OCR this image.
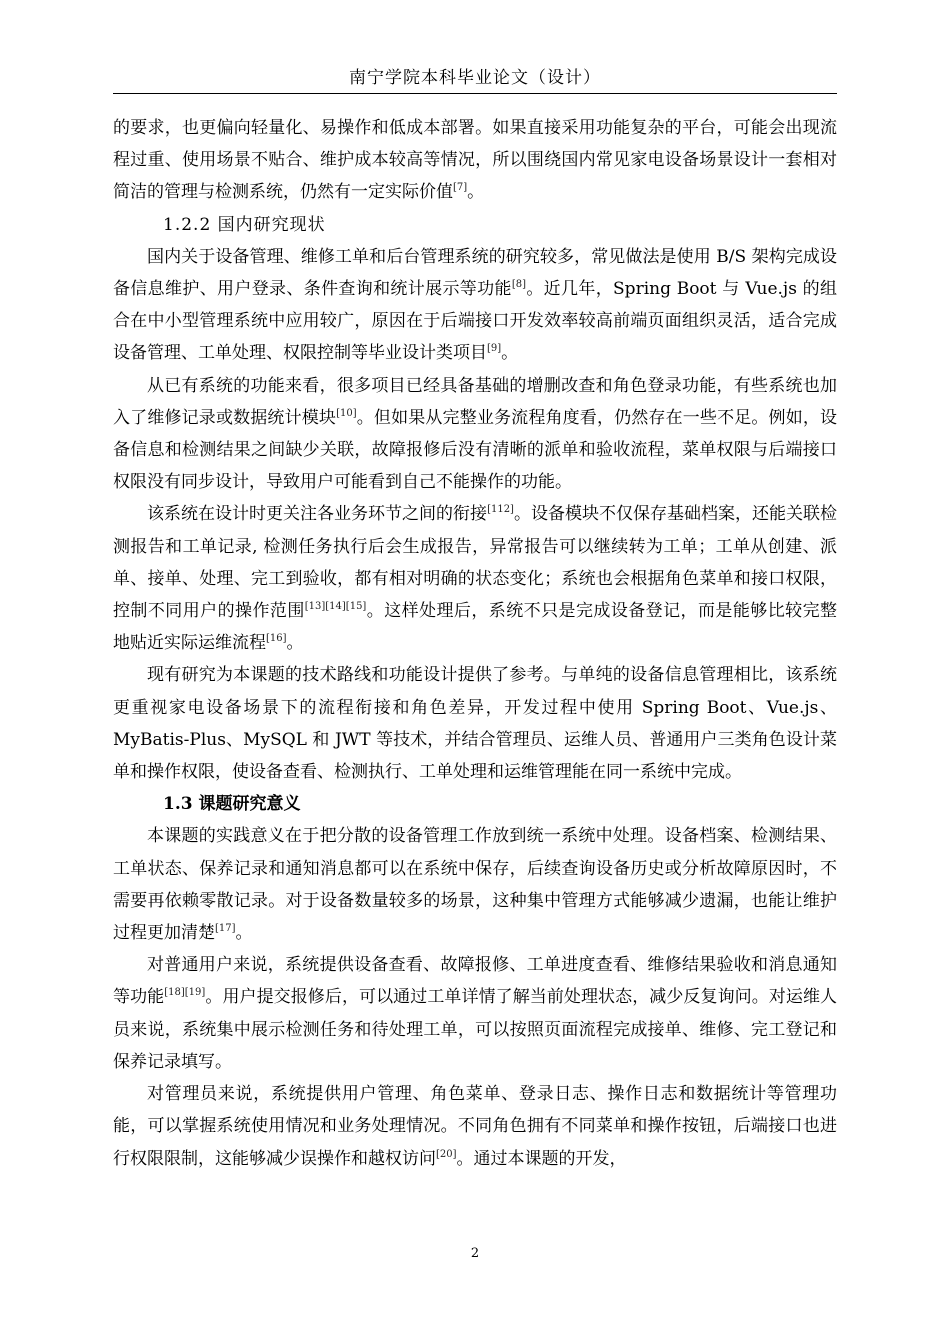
南宁学院本科毕业论文（设计）

的要求，也更偏向轻量化、易操作和低成本部署。如果直接采用功能复杂的平台，可能会出现流程过重、使用场景不贴合、维护成本较高等情况，所以围绕国内常见家电设备场景设计一套相对简洁的管理与检测系统，仍然有一定实际价值[7]。

1.2.2 国内研究现状

国内关于设备管理、维修工单和后台管理系统的研究较多，常见做法是使用 B/S 架构完成设备信息维护、用户登录、条件查询和统计展示等功能[8]。近几年，Spring Boot 与 Vue.js 的组合在中小型管理系统中应用较广，原因在于后端接口开发效率较高前端页面组织灵活，适合完成设备管理、工单处理、权限控制等毕业设计类项目[9]。

从已有系统的功能来看，很多项目已经具备基础的增删改查和角色登录功能，有些系统也加入了维修记录或数据统计模块[10]。但如果从完整业务流程角度看，仍然存在一些不足。例如，设备信息和检测结果之间缺少关联，故障报修后没有清晰的派单和验收流程，菜单权限与后端接口权限没有同步设计，导致用户可能看到自己不能操作的功能。

该系统在设计时更关注各业务环节之间的衔接[112]。设备模块不仅保存基础档案，还能关联检测报告和工单记录, 检测任务执行后会生成报告，异常报告可以继续转为工单；工单从创建、派单、接单、处理、完工到验收，都有相对明确的状态变化；系统也会根据角色菜单和接口权限，控制不同用户的操作范围[13][14][15]。这样处理后，系统不只是完成设备登记，而是能够比较完整地贴近实际运维流程[16]。

现有研究为本课题的技术路线和功能设计提供了参考。与单纯的设备信息管理相比，该系统更重视家电设备场景下的流程衔接和角色差异，开发过程中使用 Spring Boot、Vue.js、MyBatis-Plus、MySQL 和 JWT 等技术，并结合管理员、运维人员、普通用户三类角色设计菜单和操作权限，使设备查看、检测执行、工单处理和运维管理能在同一系统中完成。

1.3 课题研究意义

本课题的实践意义在于把分散的设备管理工作放到统一系统中处理。设备档案、检测结果、工单状态、保养记录和通知消息都可以在系统中保存，后续查询设备历史或分析故障原因时，不需要再依赖零散记录。对于设备数量较多的场景，这种集中管理方式能够减少遗漏，也能让维护过程更加清楚[17]。

对普通用户来说，系统提供设备查看、故障报修、工单进度查看、维修结果验收和消息通知等功能[18][19]。用户提交报修后，可以通过工单详情了解当前处理状态，减少反复询问。对运维人员来说，系统集中展示检测任务和待处理工单，可以按照页面流程完成接单、维修、完工登记和保养记录填写。

对管理员来说，系统提供用户管理、角色菜单、登录日志、操作日志和数据统计等管理功能，可以掌握系统使用情况和业务处理情况。不同角色拥有不同菜单和操作按钮，后端接口也进行权限限制，这能够减少误操作和越权访问[20]。通过本课题的开发，

2
